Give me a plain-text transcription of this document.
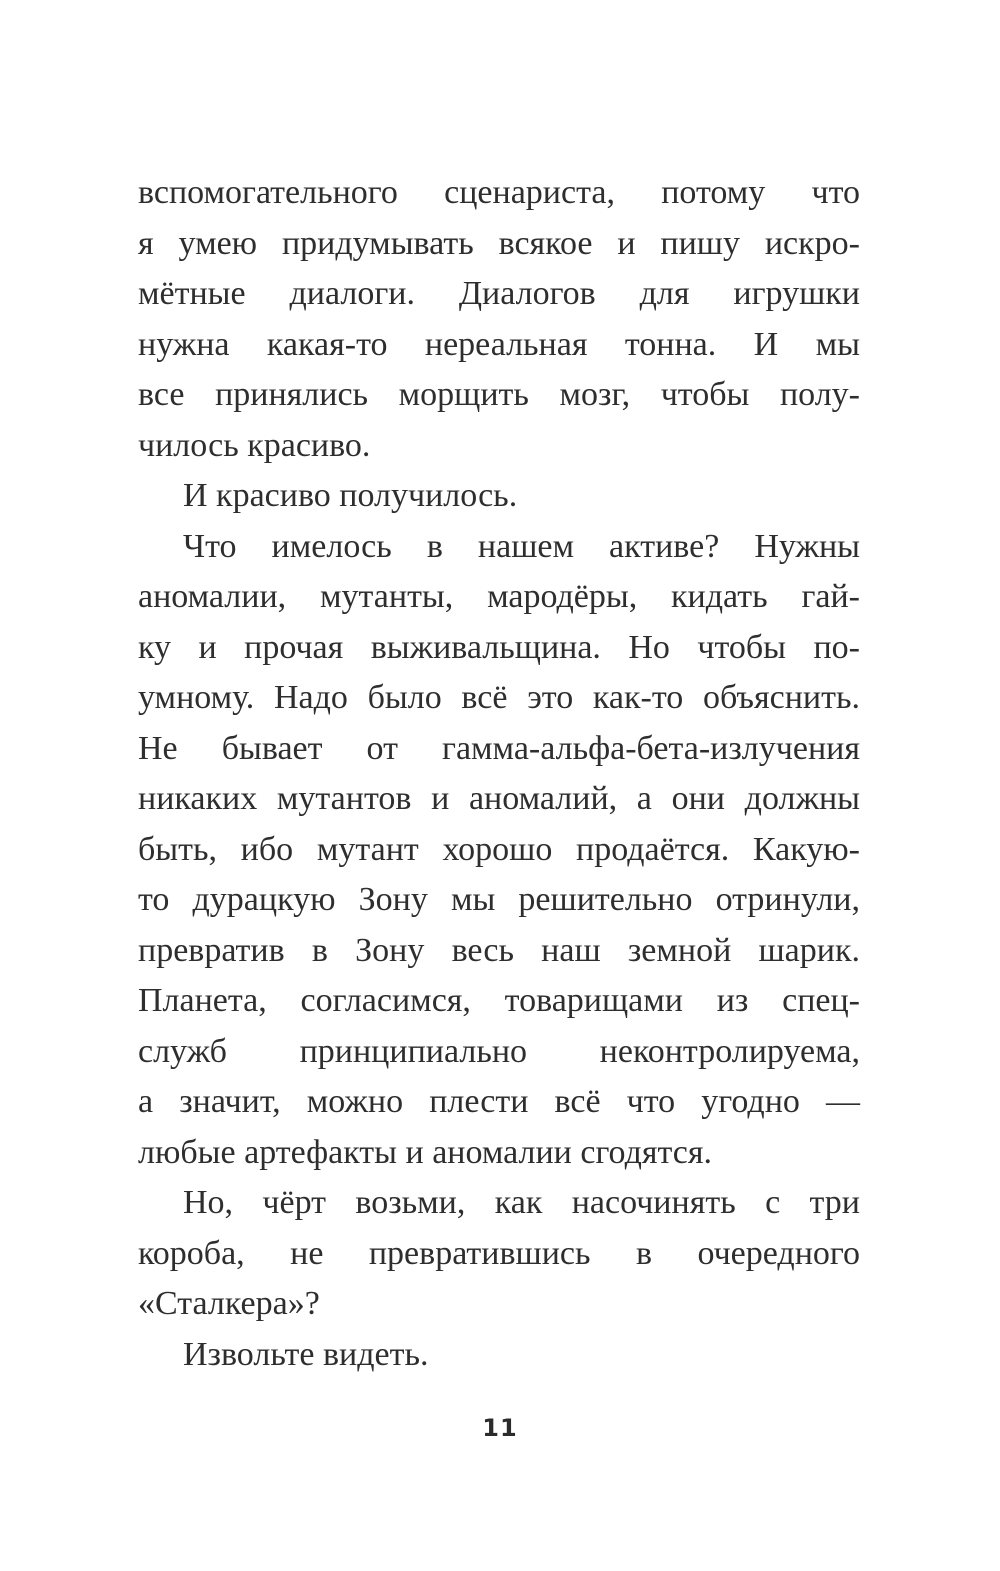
вспомогательного сценариста, потому что
я умею придумывать всякое и пишу искро-
мётные диалоги. Диалогов для игрушки
нужна какая-то нереальная тонна. И мы
все принялись морщить мозг, чтобы полу-
чилось красиво.
И красиво получилось.
Что имелось в нашем активе? Нужны
аномалии, мутанты, мародёры, кидать гай-
ку и прочая выживальщина. Но чтобы по-
умному. Надо было всё это как-то объяснить.
Не бывает от гамма-альфа-бета-излучения
никаких мутантов и аномалий, а они должны
быть, ибо мутант хорошо продаётся. Какую-
то дурацкую Зону мы решительно отринули,
превратив в Зону весь наш земной шарик.
Планета, согласимся, товарищами из спец-
служб принципиально неконтролируема,
а значит, можно плести всё что угодно —
любые артефакты и аномалии сгодятся.
Но, чёрт возьми, как насочинять с три
короба, не превратившись в очередного
«Сталкера»?
Извольте видеть.
11
